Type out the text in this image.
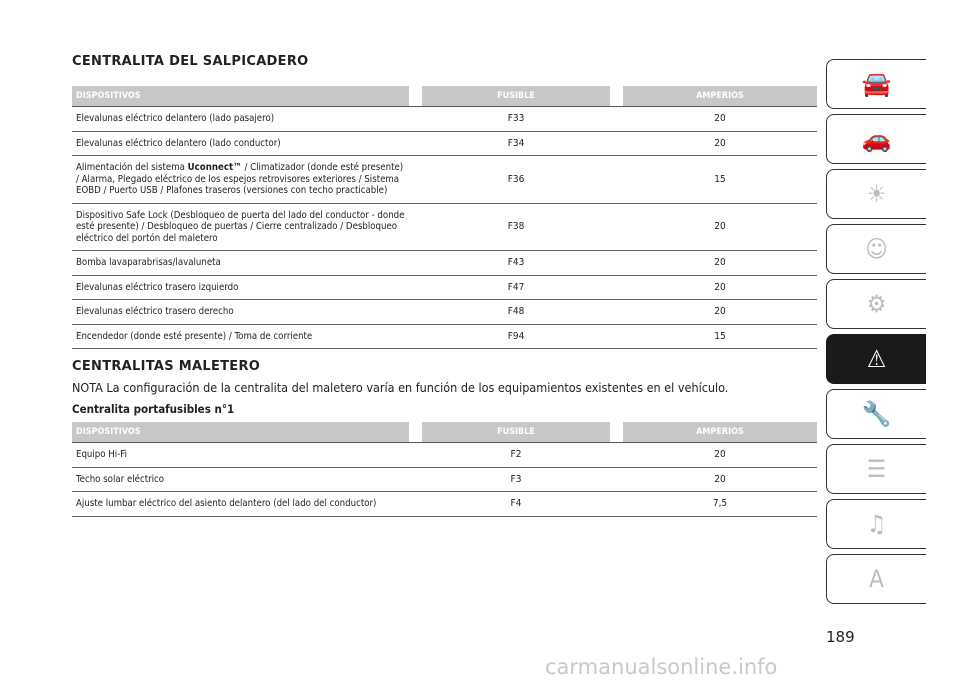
CENTRALITA DEL SALPICADERO
DISPOSITIVOS		FUSIBLE		AMPERIOS
Elevalunas eléctrico delantero (lado pasajero)		F33		20
Elevalunas eléctrico delantero (lado conductor)		F34		20
Alimentación del sistema Uconnect™ / Climatizador (donde esté presente) / Alarma, Plegado eléctrico de los espejos retrovisores exteriores / Sistema EOBD / Puerto USB / Plafones traseros (versiones con techo practicable)		F36		15
Dispositivo Safe Lock (Desbloqueo de puerta del lado del conductor - donde esté presente) / Desbloqueo de puertas / Cierre centralizado / Desbloqueo eléctrico del portón del maletero		F38		20
Bomba lavaparabrisas/lavaluneta		F43		20
Elevalunas eléctrico trasero izquierdo		F47		20
Elevalunas eléctrico trasero derecho		F48		20
Encendedor (donde esté presente) / Toma de corriente		F94		15
CENTRALITAS MALETERO
NOTA La configuración de la centralita del maletero varía en función de los equipamientos existentes en el vehículo.
Centralita portafusibles n°1
DISPOSITIVOS		FUSIBLE		AMPERIOS
Equipo Hi-Fi		F2		20
Techo solar eléctrico		F3		20
Ajuste lumbar eléctrico del asiento delantero (del lado del conductor)		F4		7,5
🚘
🚗
☀
☺
⚙
⚠
🔧
☰
♫
A
189
carmanualsonline.info
